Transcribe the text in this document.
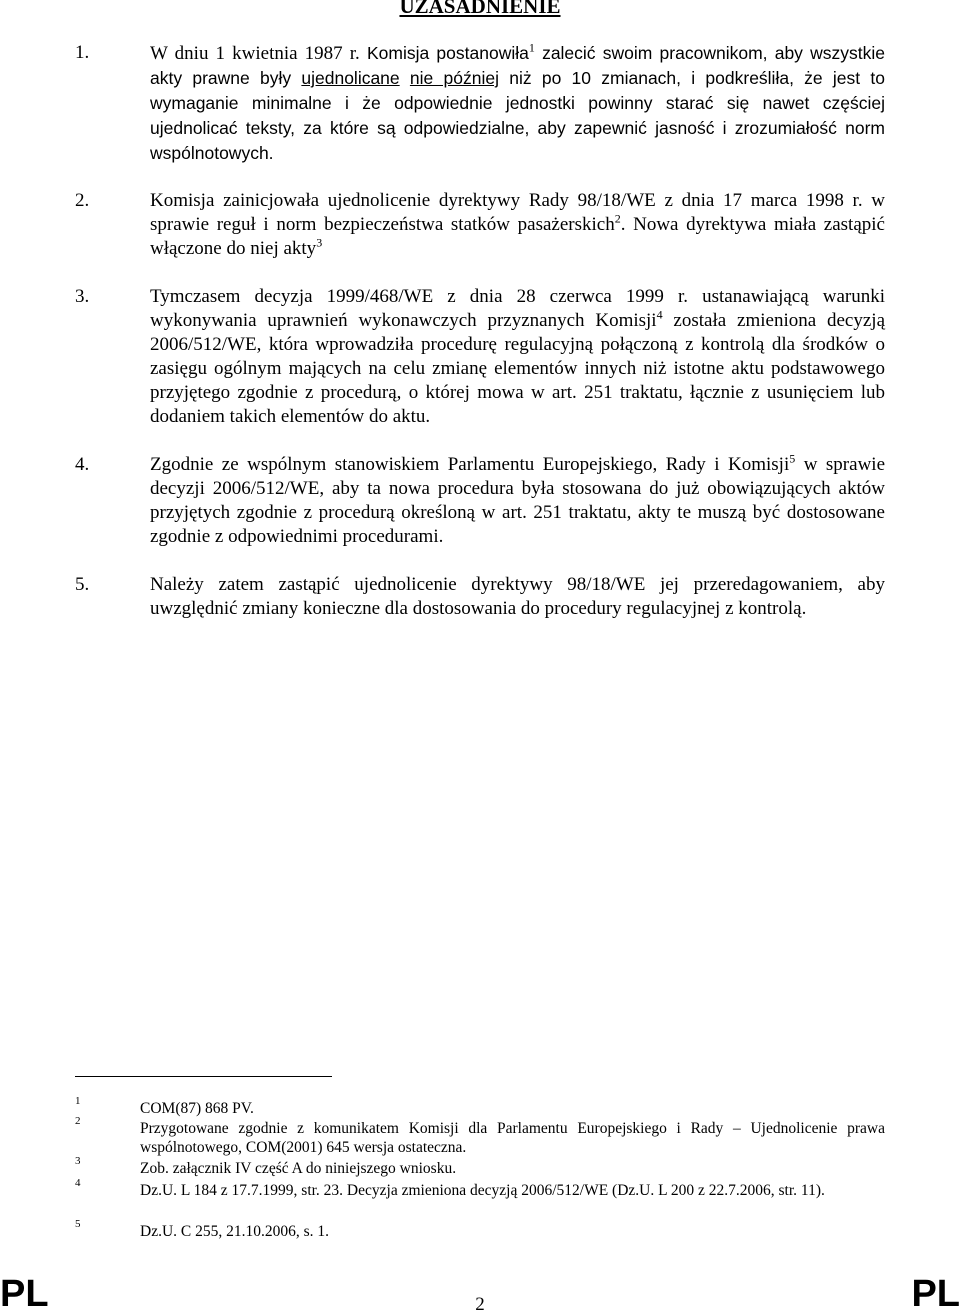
UZASADNIENIE
1.	W dniu 1 kwietnia 1987 r. Komisja postanowiła$^1$ zalecić swoim pracownikom, aby wszystkie akty prawne były ujednolicane nie później niż po 10 zmianach, i podkreśliła, że jest to wymaganie minimalne i że odpowiednie jednostki powinny starać się nawet częściej ujednolicać teksty, za które są odpowiedzialne, aby zapewnić jasność i zrozumiałość norm wspólnotowych.
2.	Komisja zainicjowała ujednolicenie dyrektywy Rady 98/18/WE z dnia 17 marca 1998 r. w sprawie reguł i norm bezpieczeństwa statków pasażerskich$^2$. Nowa dyrektywa miała zastąpić włączone do niej akty$^3$
3.	Tymczasem decyzja 1999/468/WE z dnia 28 czerwca 1999 r. ustanawiającą warunki wykonywania uprawnień wykonawczych przyznanych Komisji$^4$ została zmieniona decyzją 2006/512/WE, która wprowadziła procedurę regulacyjną połączoną z kontrolą dla środków o zasięgu ogólnym mających na celu zmianę elementów innych niż istotne aktu podstawowego przyjętego zgodnie z procedurą, o której mowa w art. 251 traktatu, łącznie z usunięciem lub dodaniem takich elementów do aktu.
4.	Zgodnie ze wspólnym stanowiskiem Parlamentu Europejskiego, Rady i Komisji$^5$ w sprawie decyzji 2006/512/WE, aby ta nowa procedura była stosowana do już obowiązujących aktów przyjętych zgodnie z procedurą określoną w art. 251 traktatu, akty te muszą być dostosowane zgodnie z odpowiednimi procedurami.
5.	Należy zatem zastąpić ujednolicenie dyrektywy 98/18/WE jej przeredagowaniem, aby uwzględnić zmiany konieczne dla dostosowania do procedury regulacyjnej z kontrolą.
1	COM(87) 868 PV.
2	Przygotowane zgodnie z komunikatem Komisji dla Parlamentu Europejskiego i Rady – Ujednolicenie prawa wspólnotowego, COM(2001) 645 wersja ostateczna.
3	Zob. załącznik IV część A do niniejszego wniosku.
4	Dz.U. L 184 z 17.7.1999, str. 23. Decyzja zmieniona decyzją 2006/512/WE (Dz.U. L 200 z 22.7.2006, str. 11).
5	Dz.U. C 255, 21.10.2006, s. 1.
PL	2	PL
